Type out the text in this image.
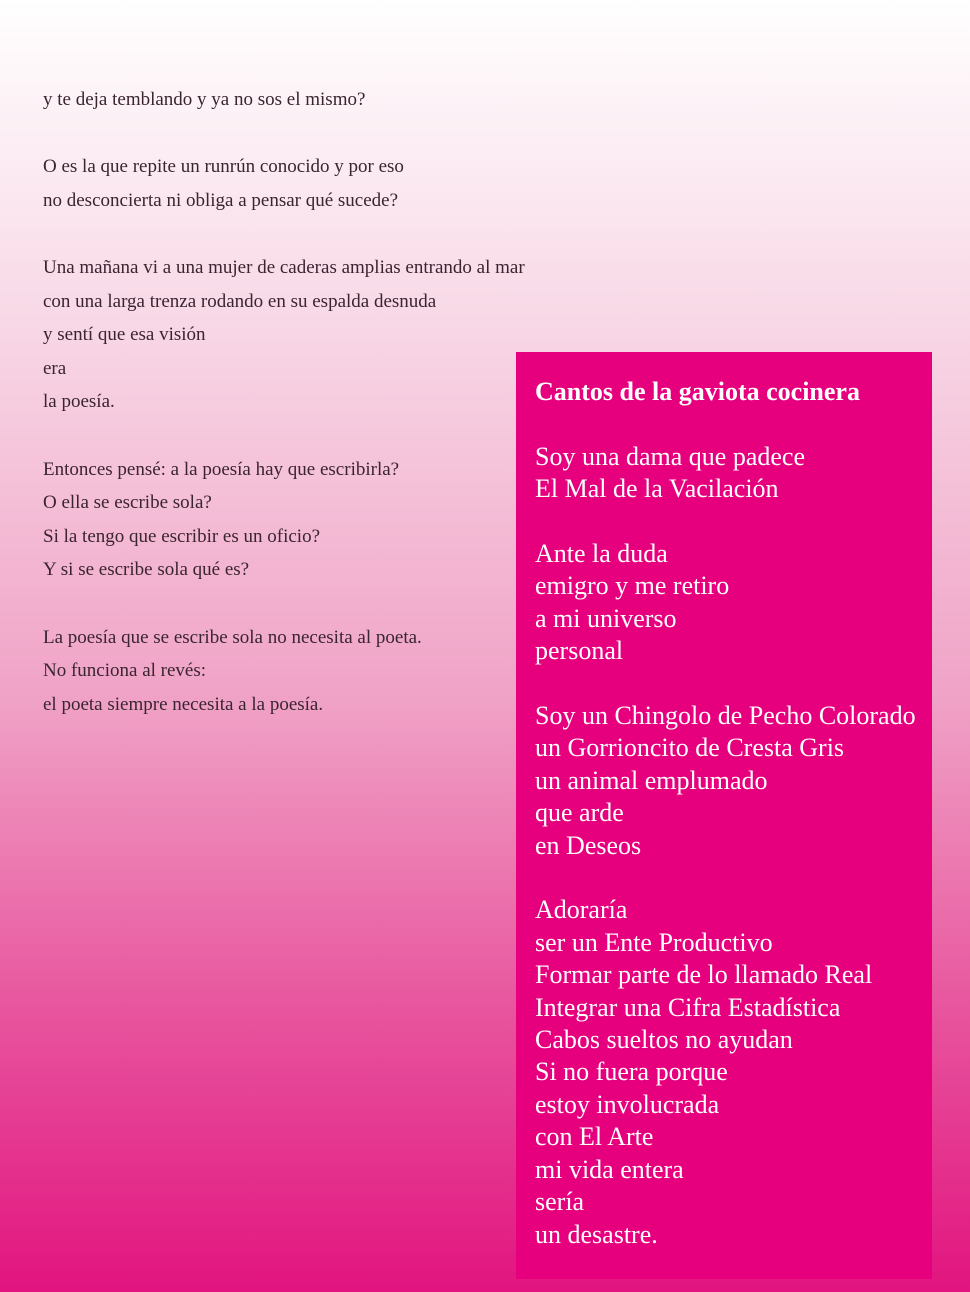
y te deja temblando y ya no sos el mismo?
O es la que repite un runrún conocido y por eso
no desconcierta ni obliga a pensar qué sucede?
Una mañana vi a una mujer de caderas amplias entrando al mar
con una larga trenza rodando en su espalda desnuda
y sentí que esa visión
era
la poesía.
Entonces pensé: a la poesía hay que escribirla?
O ella se escribe sola?
Si la tengo que escribir es un oficio?
Y si se escribe sola qué es?
La poesía que se escribe sola no necesita al poeta.
No funciona al revés:
el poeta siempre necesita a la poesía.
Cantos de la gaviota cocinera
Soy una dama que padece
El Mal de la Vacilación
Ante la duda
emigro y me retiro
a mi universo
personal
Soy un Chingolo de Pecho Colorado
un Gorrioncito de Cresta Gris
un animal emplumado
que arde
en Deseos
Adoraría
ser un Ente Productivo
Formar parte de lo llamado Real
Integrar una Cifra Estadística
Cabos sueltos no ayudan
Si no fuera porque
estoy involucrada
con El Arte
mi vida entera
sería
un desastre.
